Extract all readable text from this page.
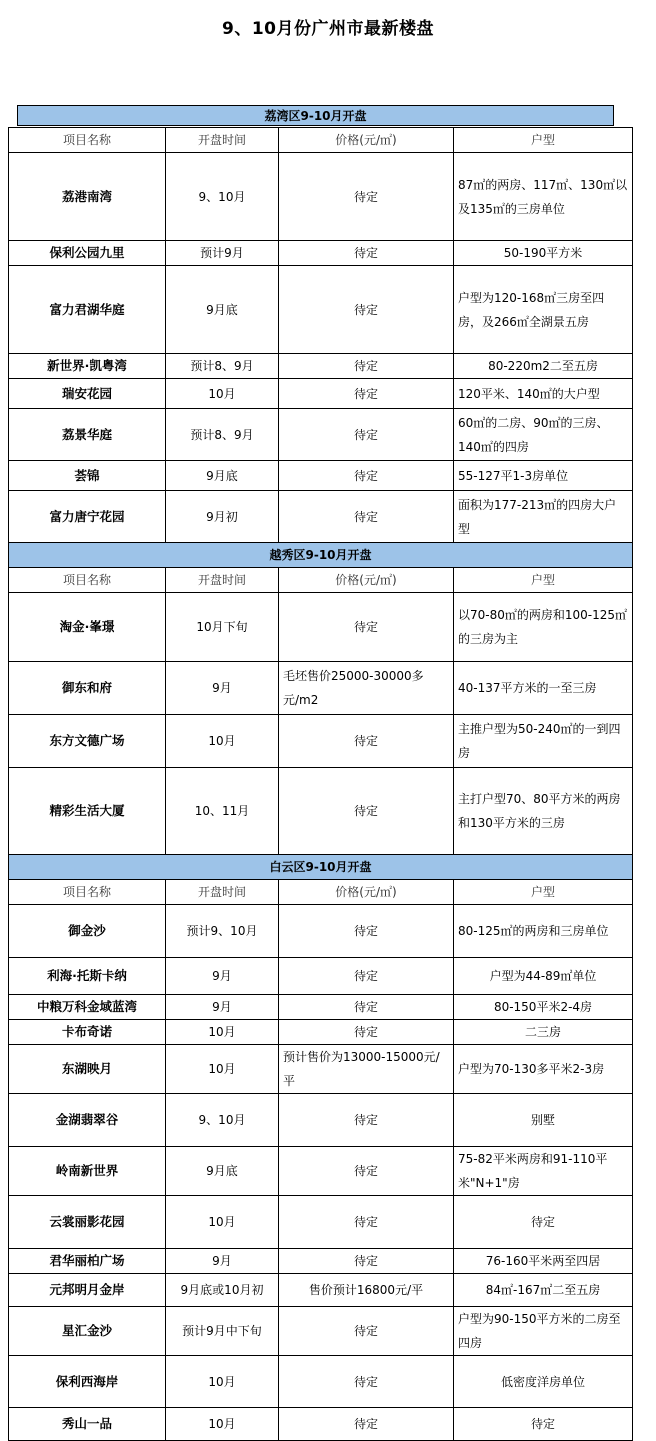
9、10月份广州市最新楼盘
荔湾区9-10月开盘
项目名称	开盘时间	价格(元/㎡)	户型
荔港南湾	9、10月	待定	87㎡的两房、117㎡、130㎡以及135㎡的三房单位
保利公园九里	预计9月	待定	50-190平方米
富力君湖华庭	9月底	待定	户型为120-168㎡三房至四房，及266㎡全湖景五房
新世界·凯粤湾	预计8、9月	待定	80-220m2二至五房
瑞安花园	10月	待定	120平米、140㎡的大户型
荔景华庭	预计8、9月	待定	60㎡的二房、90㎡的三房、140㎡的四房
荟锦	9月底	待定	55-127平1-3房单位
富力唐宁花园	9月初	待定	面积为177-213㎡的四房大户型
越秀区9-10月开盘			
项目名称	开盘时间	价格(元/㎡)	户型
淘金·峯璟	10月下旬	待定	以70-80㎡的两房和100-125㎡的三房为主
御东和府	9月	毛坯售价25000-30000多元/m2	40-137平方米的一至三房
东方文德广场	10月	待定	主推户型为50-240㎡的一到四房
精彩生活大厦	10、11月	待定	主打户型70、80平方米的两房和130平方米的三房
白云区9-10月开盘			
项目名称	开盘时间	价格(元/㎡)	户型
御金沙	预计9、10月	待定	80-125㎡的两房和三房单位
利海·托斯卡纳	9月	待定	户型为44-89㎡单位
中粮万科金域蓝湾	9月	待定	80-150平米2-4房
卡布奇诺	10月	待定	二三房
东湖映月	10月	预计售价为13000-15000元/平	户型为70-130多平米2-3房
金湖翡翠谷	9、10月	待定	别墅
岭南新世界	9月底	待定	75-82平米两房和91-110平米"N+1"房
云裳丽影花园	10月	待定	待定
君华丽柏广场	9月	待定	76-160平米两至四居
元邦明月金岸	9月底或10月初	售价预计16800元/平	84㎡-167㎡二至五房
星汇金沙	预计9月中下旬	待定	户型为90-150平方米的二房至四房
保利西海岸	10月	待定	低密度洋房单位
秀山一品	10月	待定	待定
